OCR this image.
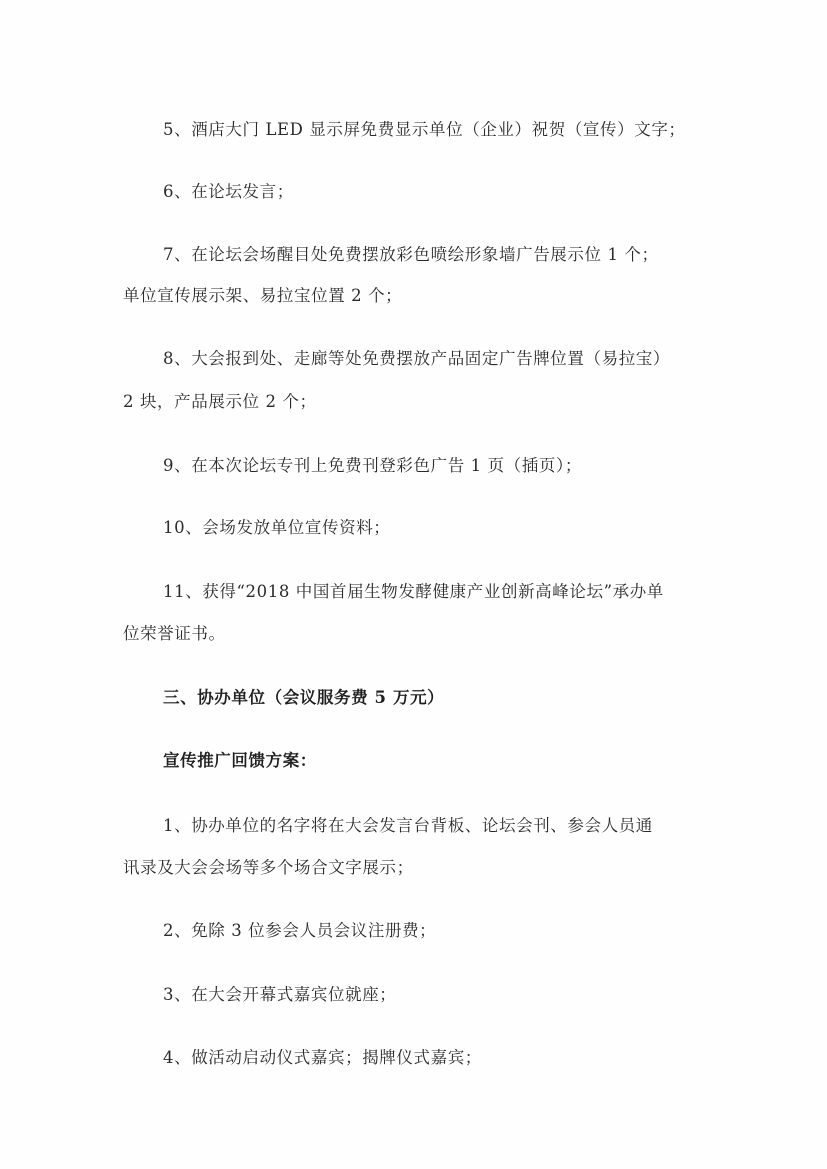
5、酒店大门 LED 显示屏免费显示单位（企业）祝贺（宣传）文字；
6、在论坛发言；
7、在论坛会场醒目处免费摆放彩色喷绘形象墙广告展示位 1 个；
单位宣传展示架、易拉宝位置 2 个；
8、大会报到处、走廊等处免费摆放产品固定广告牌位置（易拉宝）
2 块，产品展示位 2 个；
9、在本次论坛专刊上免费刊登彩色广告 1 页（插页）；
10、会场发放单位宣传资料；
11、获得“2018 中国首届生物发酵健康产业创新高峰论坛”承办单
位荣誉证书。
三、协办单位（会议服务费 5 万元）
宣传推广回馈方案：
1、协办单位的名字将在大会发言台背板、论坛会刊、参会人员通
讯录及大会会场等多个场合文字展示；
2、免除 3 位参会人员会议注册费；
3、在大会开幕式嘉宾位就座；
4、做活动启动仪式嘉宾；揭牌仪式嘉宾；
